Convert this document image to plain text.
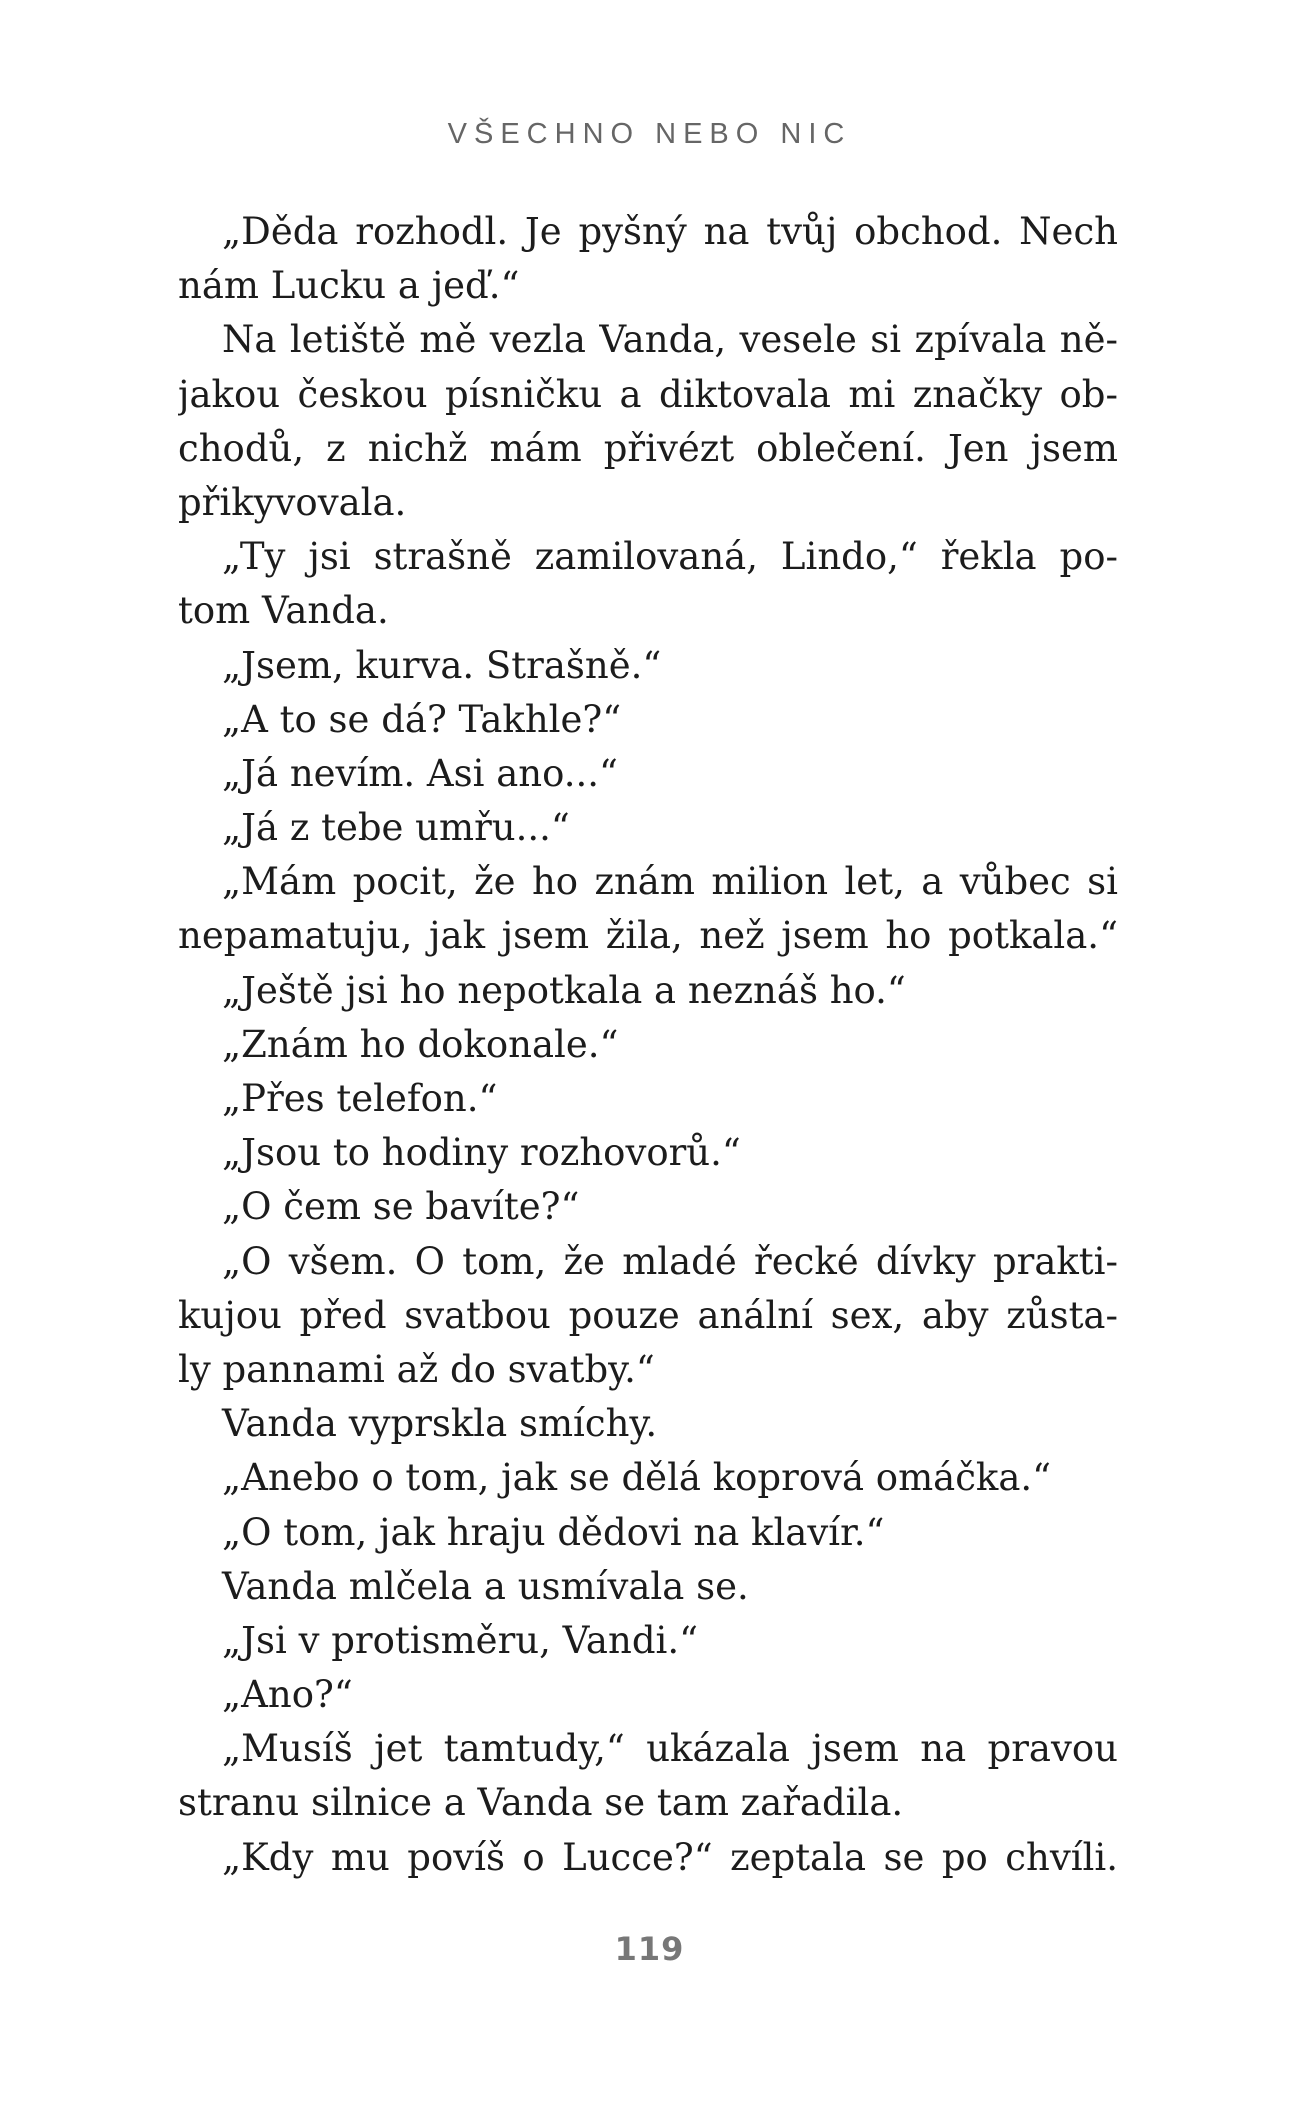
VŠECHNO NEBO NIC
„Děda rozhodl. Je pyšný na tvůj obchod. Nech
nám Lucku a jeď.“
Na letiště mě vezla Vanda, vesele si zpívala ně-
jakou českou písničku a diktovala mi značky ob-
chodů, z nichž mám přivézt oblečení. Jen jsem
přikyvovala.
„Ty jsi strašně zamilovaná, Lindo,“ řekla po-
tom Vanda.
„Jsem, kurva. Strašně.“
„A to se dá? Takhle?“
„Já nevím. Asi ano...“
„Já z tebe umřu...“
„Mám pocit, že ho znám milion let, a vůbec si
nepamatuju, jak jsem žila, než jsem ho potkala.“
„Ještě jsi ho nepotkala a neznáš ho.“
„Znám ho dokonale.“
„Přes telefon.“
„Jsou to hodiny rozhovorů.“
„O čem se bavíte?“
„O všem. O tom, že mladé řecké dívky prakti-
kujou před svatbou pouze anální sex, aby zůsta-
ly pannami až do svatby.“
Vanda vyprskla smíchy.
„Anebo o tom, jak se dělá koprová omáčka.“
„O tom, jak hraju dědovi na klavír.“
Vanda mlčela a usmívala se.
„Jsi v protisměru, Vandi.“
„Ano?“
„Musíš jet tamtudy,“ ukázala jsem na pravou
stranu silnice a Vanda se tam zařadila.
„Kdy mu povíš o Lucce?“ zeptala se po chvíli.
119
